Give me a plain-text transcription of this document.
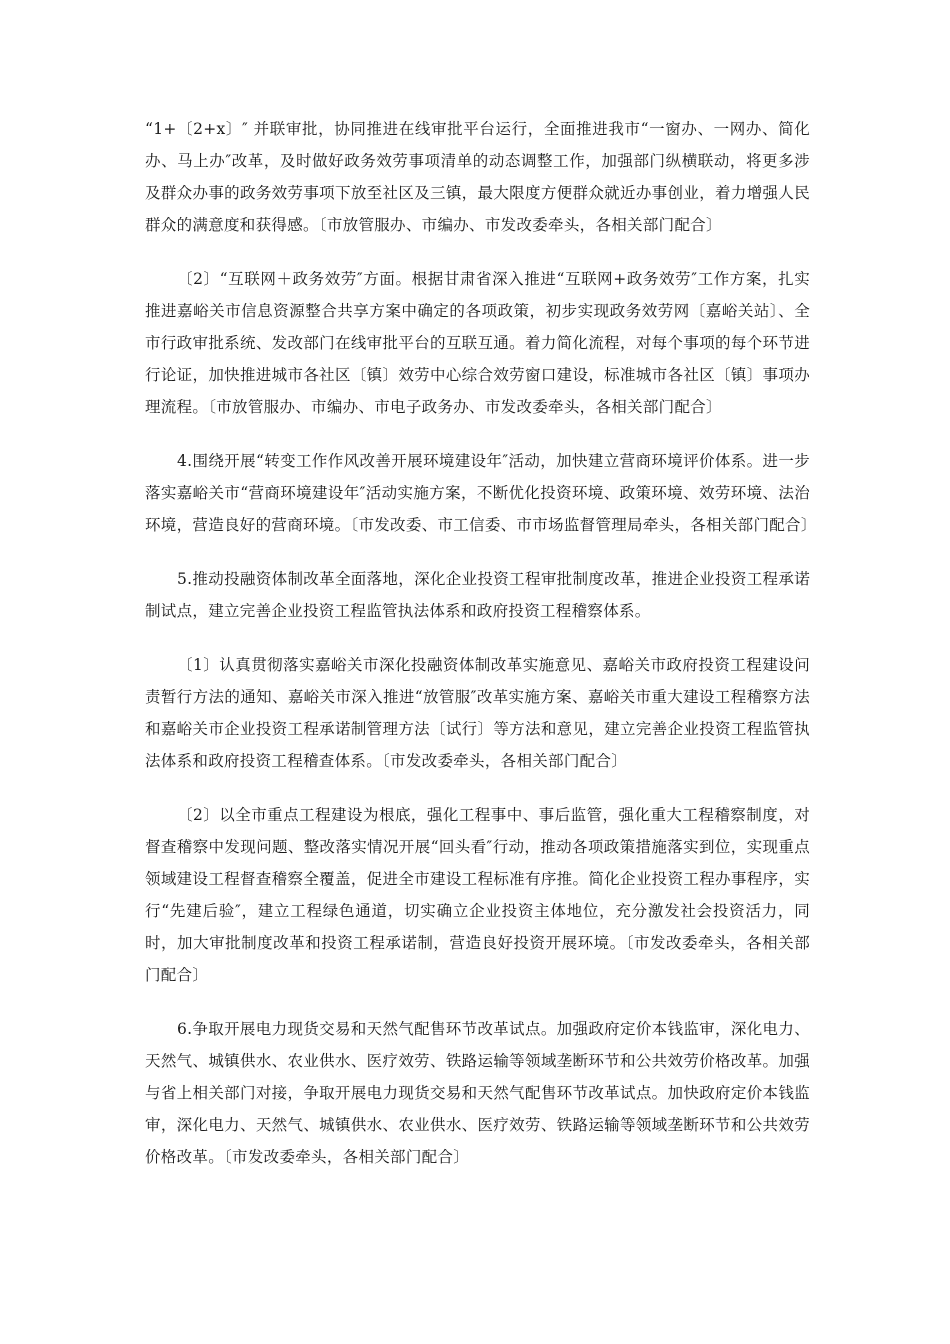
“1+〔2+x〕″ 并联审批，协同推进在线审批平台运行，全面推进我市“一窗办、一网办、简化办、马上办″改革，及时做好政务效劳事项清单的动态调整工作，加强部门纵横联动，将更多涉及群众办事的政务效劳事项下放至社区及三镇，最大限度方便群众就近办事创业，着力增强人民群众的满意度和获得感。〔市放管服办、市编办、市发改委牵头，各相关部门配合〕

〔2〕“互联网＋政务效劳″方面。根据甘肃省深入推进“互联网+政务效劳″工作方案，扎实推进嘉峪关市信息资源整合共享方案中确定的各项政策，初步实现政务效劳网〔嘉峪关站〕、全市行政审批系统、发改部门在线审批平台的互联互通。着力简化流程，对每个事项的每个环节进行论证，加快推进城市各社区〔镇〕效劳中心综合效劳窗口建设，标准城市各社区〔镇〕事项办理流程。〔市放管服办、市编办、市电子政务办、市发改委牵头，各相关部门配合〕

4.围绕开展“转变工作作风改善开展环境建设年″活动，加快建立营商环境评价体系。进一步落实嘉峪关市“营商环境建设年″活动实施方案，不断优化投资环境、政策环境、效劳环境、法治环境，营造良好的营商环境。〔市发改委、市工信委、市市场监督管理局牵头，各相关部门配合〕

5.推动投融资体制改革全面落地，深化企业投资工程审批制度改革，推进企业投资工程承诺制试点，建立完善企业投资工程监管执法体系和政府投资工程稽察体系。

〔1〕认真贯彻落实嘉峪关市深化投融资体制改革实施意见、嘉峪关市政府投资工程建设问责暂行方法的通知、嘉峪关市深入推进“放管服″改革实施方案、嘉峪关市重大建设工程稽察方法和嘉峪关市企业投资工程承诺制管理方法〔试行〕等方法和意见，建立完善企业投资工程监管执法体系和政府投资工程稽查体系。〔市发改委牵头，各相关部门配合〕

〔2〕以全市重点工程建设为根底，强化工程事中、事后监管，强化重大工程稽察制度，对督查稽察中发现问题、整改落实情况开展“回头看″行动，推动各项政策措施落实到位，实现重点领域建设工程督查稽察全覆盖，促进全市建设工程标准有序推。简化企业投资工程办事程序，实行“先建后验″，建立工程绿色通道，切实确立企业投资主体地位，充分激发社会投资活力，同时，加大审批制度改革和投资工程承诺制，营造良好投资开展环境。〔市发改委牵头，各相关部门配合〕

6.争取开展电力现货交易和天然气配售环节改革试点。加强政府定价本钱监审，深化电力、天然气、城镇供水、农业供水、医疗效劳、铁路运输等领域垄断环节和公共效劳价格改革。加强与省上相关部门对接，争取开展电力现货交易和天然气配售环节改革试点。加快政府定价本钱监审，深化电力、天然气、城镇供水、农业供水、医疗效劳、铁路运输等领域垄断环节和公共效劳价格改革。〔市发改委牵头，各相关部门配合〕
